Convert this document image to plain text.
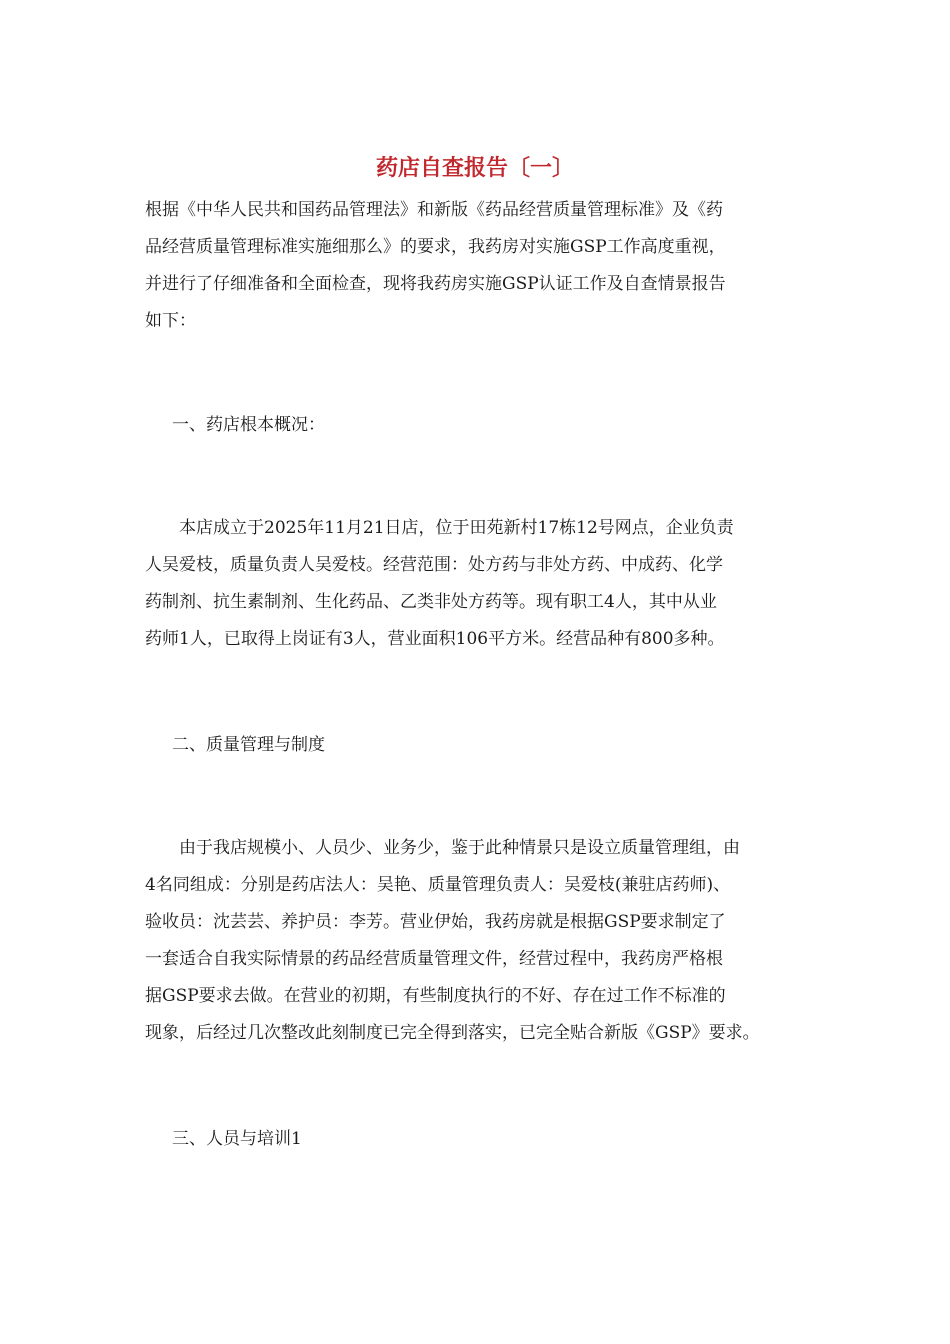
药店自查报告〔一〕
根据《中华人民共和国药品管理法》和新版《药品经营质量管理标准》及《药
品经营质量管理标准实施细那么》的要求，我药房对实施GSP工作高度重视，
并进行了仔细准备和全面检查，现将我药房实施GSP认证工作及自查情景报告
如下：
一、药店根本概况：
　　本店成立于2025年11月21日店，位于田苑新村17栋12号网点，企业负责
人吴爱枝，质量负责人吴爱枝。经营范围：处方药与非处方药、中成药、化学
药制剂、抗生素制剂、生化药品、乙类非处方药等。现有职工4人，其中从业
药师1人，已取得上岗证有3人，营业面积106平方米。经营品种有800多种。
二、质量管理与制度
　　由于我店规模小、人员少、业务少，鉴于此种情景只是设立质量管理组，由
4名同组成：分别是药店法人：吴艳、质量管理负责人：吴爱枝(兼驻店药师)、
验收员：沈芸芸、养护员：李芳。营业伊始，我药房就是根据GSP要求制定了
一套适合自我实际情景的药品经营质量管理文件，经营过程中，我药房严格根
据GSP要求去做。在营业的初期，有些制度执行的不好、存在过工作不标准的
现象，后经过几次整改此刻制度已完全得到落实，已完全贴合新版《GSP》要求。
三、人员与培训1
